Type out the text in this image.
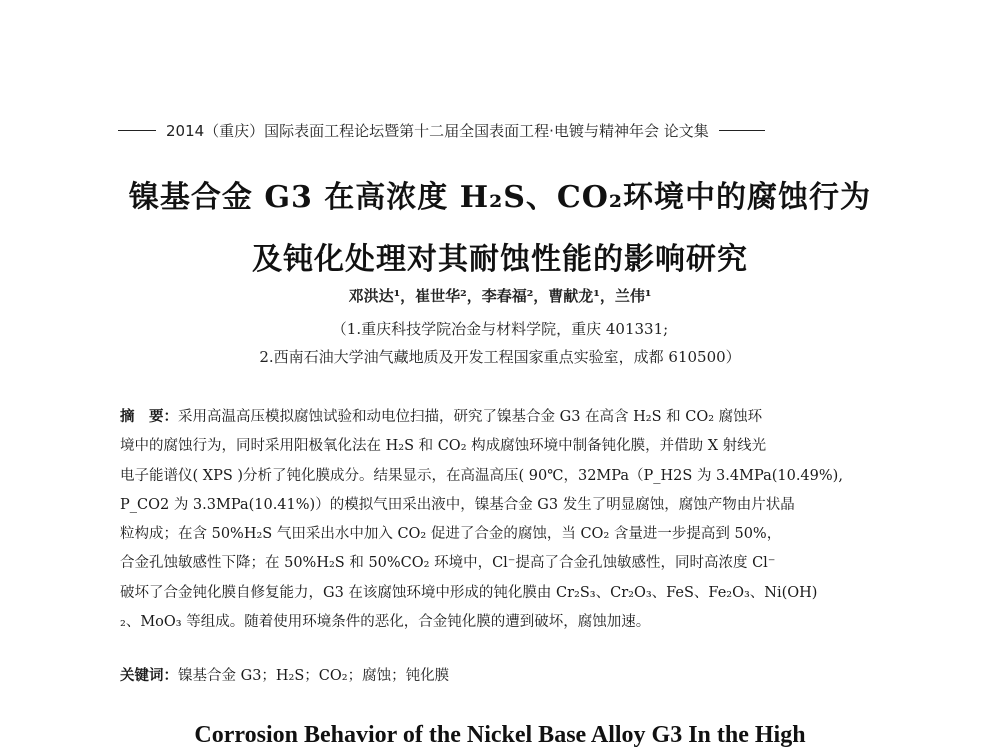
2014（重庆）国际表面工程论坛暨第十二届全国表面工程·电镀与精神年会 论文集
镍基合金 G3 在高浓度 H₂S、CO₂环境中的腐蚀行为
及钝化处理对其耐蚀性能的影响研究
邓洪达¹，崔世华²，李春福²，曹献龙¹，兰伟¹
（1.重庆科技学院冶金与材料学院，重庆 401331;
2.西南石油大学油气藏地质及开发工程国家重点实验室，成都 610500）
摘　要：采用高温高压模拟腐蚀试验和动电位扫描，研究了镍基合金 G3 在高含 H₂S 和 CO₂ 腐蚀环
境中的腐蚀行为，同时采用阳极氧化法在 H₂S 和 CO₂ 构成腐蚀环境中制备钝化膜，并借助 X 射线光
电子能谱仪( XPS )分析了钝化膜成分。结果显示，在高温高压( 90℃，32MPa（P_H2S 为 3.4MPa(10.49%),
P_CO2 为 3.3MPa(10.41%)）的模拟气田采出液中，镍基合金 G3 发生了明显腐蚀，腐蚀产物由片状晶
粒构成；在含 50%H₂S 气田采出水中加入 CO₂ 促进了合金的腐蚀，当 CO₂ 含量进一步提高到 50%，
合金孔蚀敏感性下降；在 50%H₂S 和 50%CO₂ 环境中，Cl⁻提高了合金孔蚀敏感性，同时高浓度 Cl⁻
破坏了合金钝化膜自修复能力，G3 在该腐蚀环境中形成的钝化膜由 Cr₂S₃、Cr₂O₃、FeS、Fe₂O₃、Ni(OH)
₂、MoO₃ 等组成。随着使用环境条件的恶化，合金钝化膜的遭到破坏，腐蚀加速。
关键词：镍基合金 G3；H₂S；CO₂；腐蚀；钝化膜
Corrosion Behavior of the Nickel Base Alloy G3 In the High
